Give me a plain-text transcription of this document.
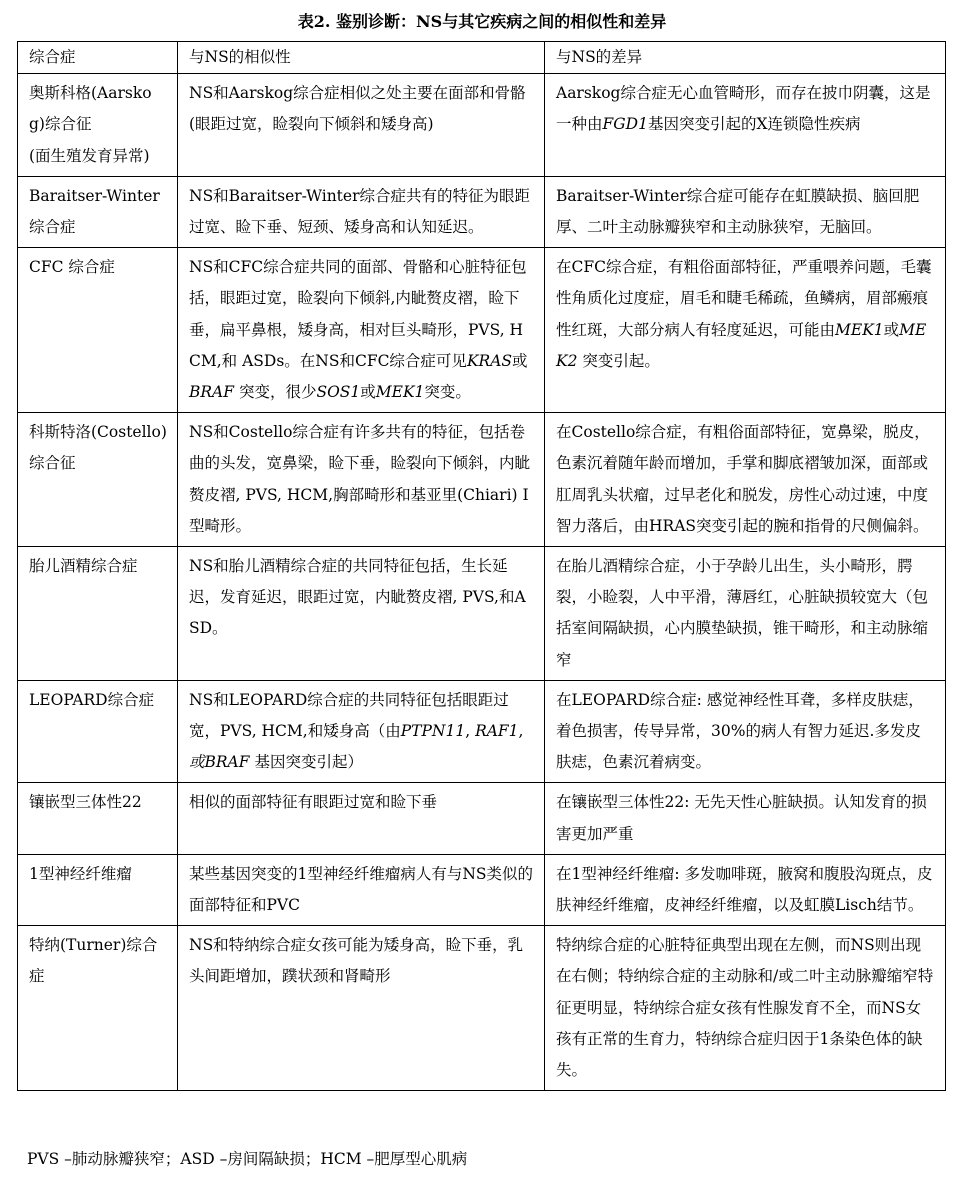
表2. 鉴别诊断：NS与其它疾病之间的相似性和差异
综合症	与NS的相似性	与NS的差异
奥斯科格(Aarskog)综合征
(面生殖发育异常)	NS和Aarskog综合症相似之处主要在面部和骨骼(眼距过宽，睑裂向下倾斜和矮身高)	Aarskog综合症无心血管畸形，而存在披巾阴囊，这是一种由FGD1基因突变引起的X连锁隐性疾病
Baraitser-Winter综合症	NS和Baraitser-Winter综合症共有的特征为眼距过宽、睑下垂、短颈、矮身高和认知延迟。	Baraitser-Winter综合症可能存在虹膜缺损、脑回肥厚、二叶主动脉瓣狭窄和主动脉狭窄，无脑回。
CFC 综合症	NS和CFC综合症共同的面部、骨骼和心脏特征包括，眼距过宽，睑裂向下倾斜,内眦赘皮褶，睑下垂，扁平鼻根，矮身高，相对巨头畸形，PVS, HCM,和 ASDs。在NS和CFC综合症可见KRAS或BRAF 突变，很少SOS1或MEK1突变。	在CFC综合症，有粗俗面部特征，严重喂养问题，毛囊性角质化过度症，眉毛和睫毛稀疏，鱼鳞病，眉部瘢痕性红斑，大部分病人有轻度延迟，可能由MEK1或MEK2 突变引起。
科斯特洛(Costello)综合征	NS和Costello综合症有许多共有的特征，包括卷曲的头发，宽鼻梁，睑下垂，睑裂向下倾斜，内眦赘皮褶, PVS, HCM,胸部畸形和基亚里(Chiari) I型畸形。	在Costello综合症，有粗俗面部特征，宽鼻梁，脱皮，色素沉着随年龄而增加，手掌和脚底褶皱加深，面部或肛周乳头状瘤，过早老化和脱发，房性心动过速，中度智力落后，由HRAS突变引起的腕和指骨的尺侧偏斜。
胎儿酒精综合症	NS和胎儿酒精综合症的共同特征包括，生长延迟，发育延迟，眼距过宽，内眦赘皮褶, PVS,和ASD。	在胎儿酒精综合症，小于孕龄儿出生，头小畸形，腭裂，小睑裂，人中平滑，薄唇红，心脏缺损较宽大（包括室间隔缺损，心内膜垫缺损，锥干畸形，和主动脉缩窄
LEOPARD综合症	NS和LEOPARD综合症的共同特征包括眼距过宽，PVS, HCM,和矮身高（由PTPN11, RAF1, 或BRAF 基因突变引起）	在LEOPARD综合症: 感觉神经性耳聋，多样皮肤痣，着色损害，传导异常，30%的病人有智力延迟.多发皮肤痣，色素沉着病变。
镶嵌型三体性22	相似的面部特征有眼距过宽和睑下垂	在镶嵌型三体性22: 无先天性心脏缺损。认知发育的损害更加严重
1型神经纤维瘤	某些基因突变的1型神经纤维瘤病人有与NS类似的面部特征和PVC	在1型神经纤维瘤: 多发咖啡斑，腋窝和腹股沟斑点，皮肤神经纤维瘤，皮神经纤维瘤，以及虹膜Lisch结节。
特纳(Turner)综合症	NS和特纳综合症女孩可能为矮身高，睑下垂，乳头间距增加，蹼状颈和肾畸形	特纳综合症的心脏特征典型出现在左侧，而NS则出现在右侧；特纳综合症的主动脉和/或二叶主动脉瓣缩窄特征更明显，特纳综合症女孩有性腺发育不全，而NS女孩有正常的生育力，特纳综合症归因于1条染色体的缺失。
PVS –肺动脉瓣狭窄；ASD –房间隔缺损；HCM –肥厚型心肌病
